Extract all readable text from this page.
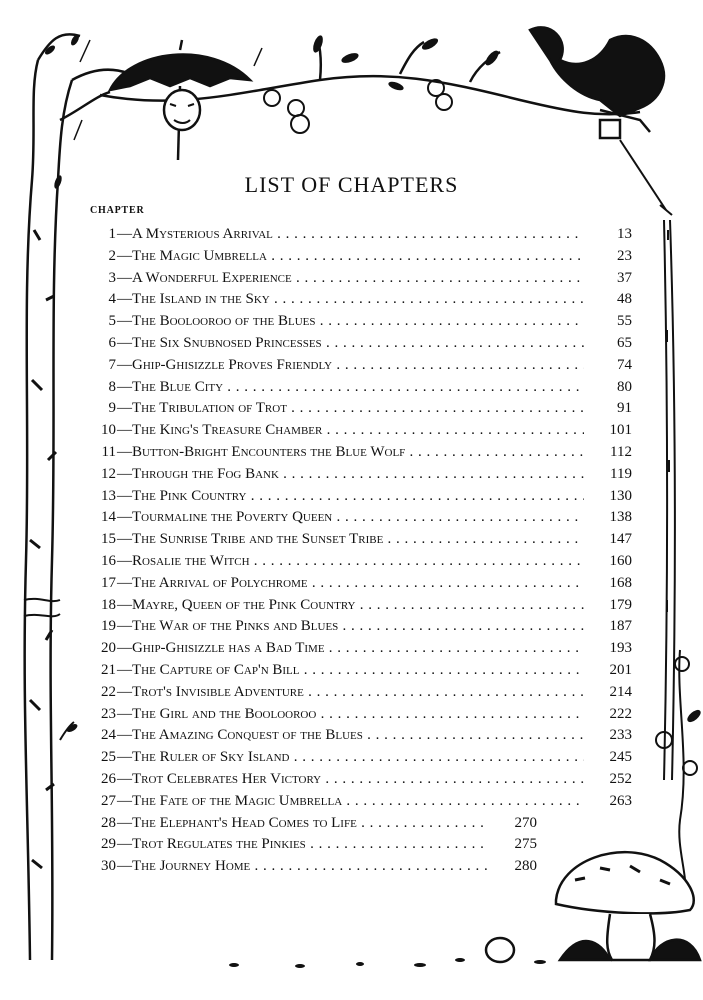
LIST OF CHAPTERS
CHAPTER
1 — A Mysterious Arrival . . .	13
2 — The Magic Umbrella . . .	23
3 — A Wonderful Experience . . .	37
4 — The Island in the Sky . . .	48
5 — The Boolooroo of the Blues . . .	55
6 — The Six Snubnosed Princesses . . .	65
7 — Ghip-Ghisizzle Proves Friendly . . .	74
8 — The Blue City . . .	80
9 — The Tribulation of Trot . . .	91
10 — The King's Treasure Chamber . . .	101
11 — Button-Bright Encounters the Blue Wolf . . .	112
12 — Through the Fog Bank . . .	119
13 — The Pink Country . . .	130
14 — Tourmaline the Poverty Queen . . .	138
15 — The Sunrise Tribe and the Sunset Tribe . . .	147
16 — Rosalie the Witch . . .	160
17 — The Arrival of Polychrome . . .	168
18 — Mayre, Queen of the Pink Country . . .	179
19 — The War of the Pinks and Blues . . .	187
20 — Ghip-Ghisizzle has a Bad Time . . .	193
21 — The Capture of Cap'n Bill . . .	201
22 — Trot's Invisible Adventure . . .	214
23 — The Girl and the Boolooroo . . .	222
24 — The Amazing Conquest of the Blues . . .	233
25 — The Ruler of Sky Island . . .	245
26 — Trot Celebrates Her Victory . . .	252
27 — The Fate of the Magic Umbrella . . .	263
28 — The Elephant's Head Comes to Life . . .	270
29 — Trot Regulates the Pinkies . . .	275
30 — The Journey Home . . .	280
